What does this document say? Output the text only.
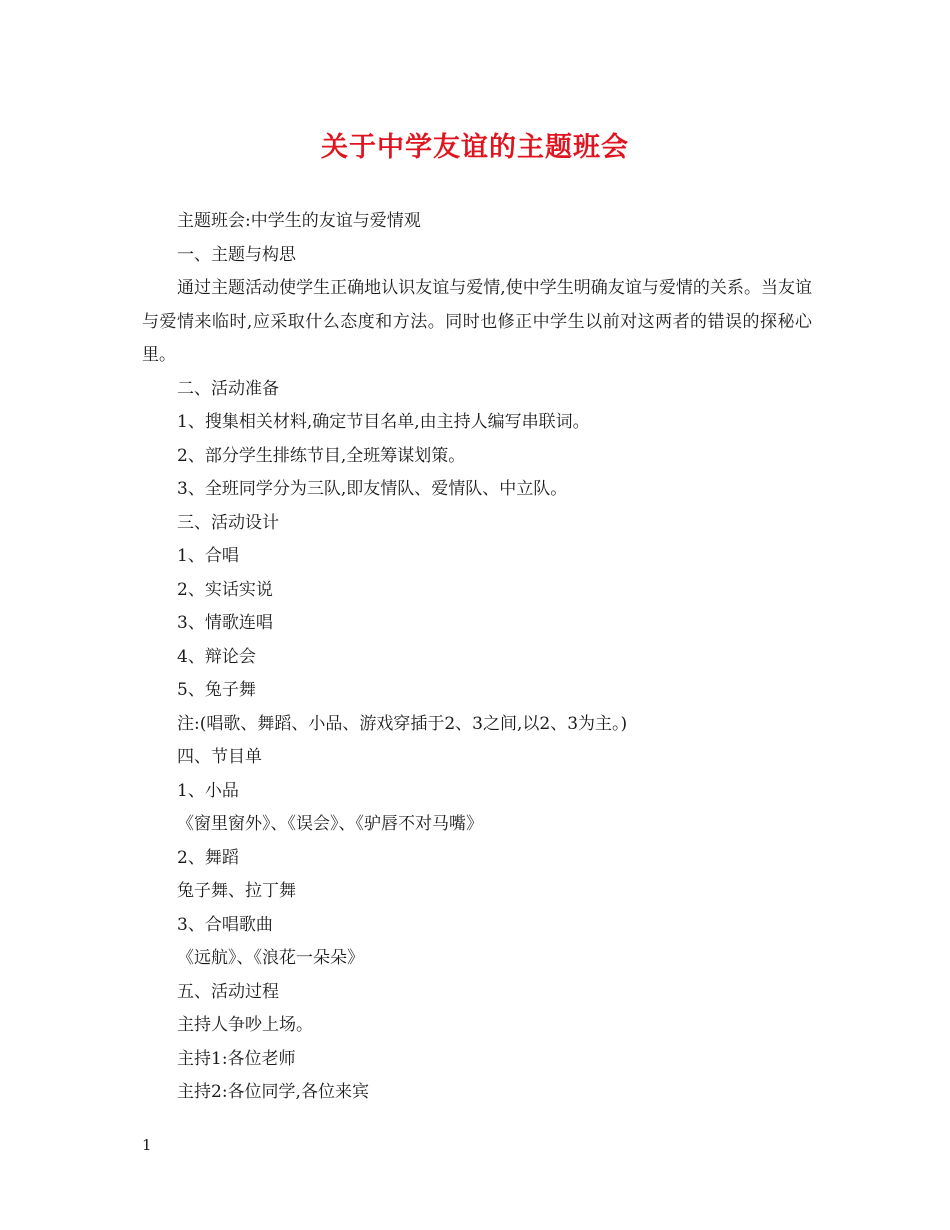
关于中学友谊的主题班会

主题班会:中学生的友谊与爱情观

一、主题与构思

通过主题活动使学生正确地认识友谊与爱情,使中学生明确友谊与爱情的关系。当友谊与爱情来临时,应采取什么态度和方法。同时也修正中学生以前对这两者的错误的探秘心里。

二、活动准备

1、搜集相关材料,确定节目名单,由主持人编写串联词。

2、部分学生排练节目,全班筹谋划策。

3、全班同学分为三队,即友情队、爱情队、中立队。

三、活动设计

1、合唱

2、实话实说

3、情歌连唱

4、辩论会

5、兔子舞

注:(唱歌、舞蹈、小品、游戏穿插于2、3之间,以2、3为主。)

四、节目单

1、小品

《窗里窗外》、《误会》、《驴唇不对马嘴》

2、舞蹈

兔子舞、拉丁舞

3、合唱歌曲

《远航》、《浪花一朵朵》

五、活动过程

主持人争吵上场。

主持1:各位老师

主持2:各位同学,各位来宾

1
